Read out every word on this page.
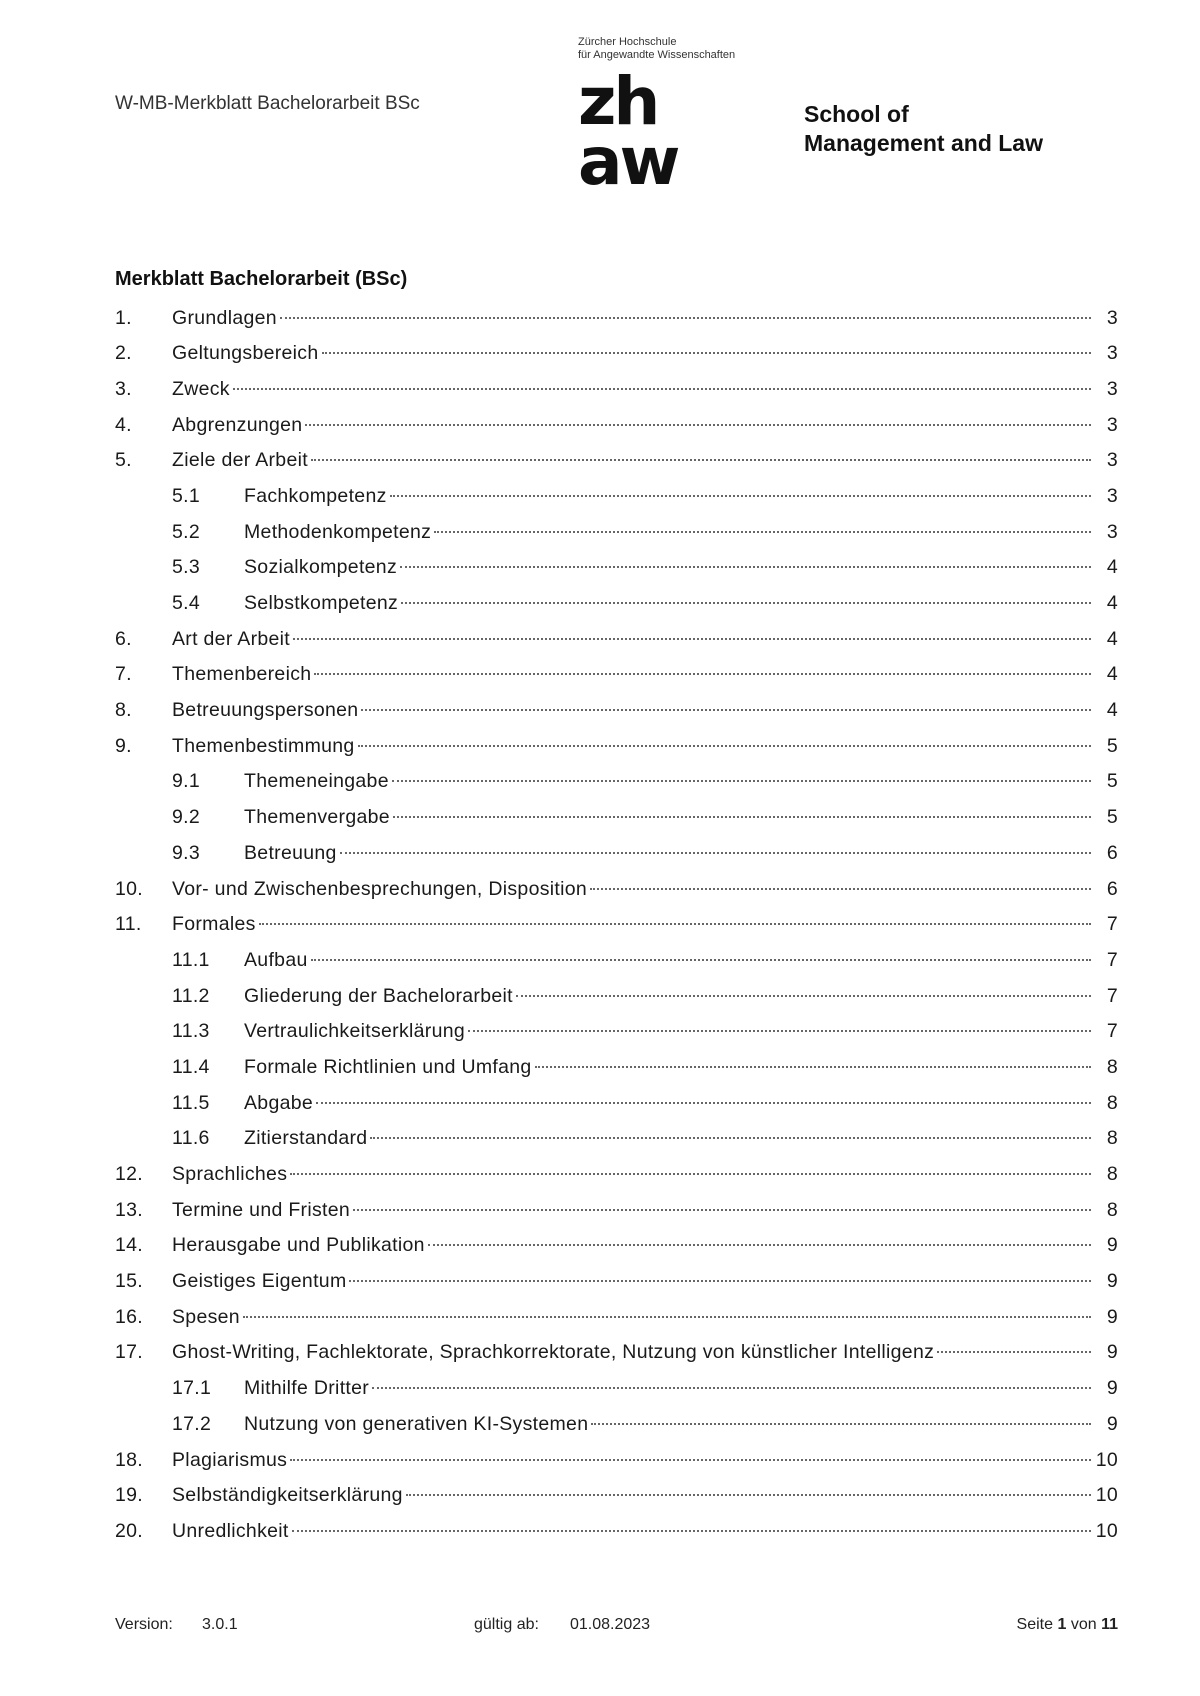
W-MB-Merkblatt Bachelorarbeit BSc
Zürcher Hochschule
für Angewandte Wissenschaften
zh
aw
School of
Management and Law
Merkblatt Bachelorarbeit (BSc)
1.	Grundlagen	3
2.	Geltungsbereich	3
3.	Zweck	3
4.	Abgrenzungen	3
5.	Ziele der Arbeit	3
5.1	Fachkompetenz	3
5.2	Methodenkompetenz	3
5.3	Sozialkompetenz	4
5.4	Selbstkompetenz	4
6.	Art der Arbeit	4
7.	Themenbereich	4
8.	Betreuungspersonen	4
9.	Themenbestimmung	5
9.1	Themeneingabe	5
9.2	Themenvergabe	5
9.3	Betreuung	6
10.	Vor- und Zwischenbesprechungen, Disposition	6
11.	Formales	7
11.1	Aufbau	7
11.2	Gliederung der Bachelorarbeit	7
11.3	Vertraulichkeitserklärung	7
11.4	Formale Richtlinien und Umfang	8
11.5	Abgabe	8
11.6	Zitierstandard	8
12.	Sprachliches	8
13.	Termine und Fristen	8
14.	Herausgabe und Publikation	9
15.	Geistiges Eigentum	9
16.	Spesen	9
17.	Ghost-Writing, Fachlektorate, Sprachkorrektorate, Nutzung von künstlicher Intelligenz	9
17.1	Mithilfe Dritter	9
17.2	Nutzung von generativen KI-Systemen	9
18.	Plagiarismus	10
19.	Selbständigkeitserklärung	10
20.	Unredlichkeit	10
Version: 3.0.1	gültig ab: 01.08.2023	Seite 1 von 11
